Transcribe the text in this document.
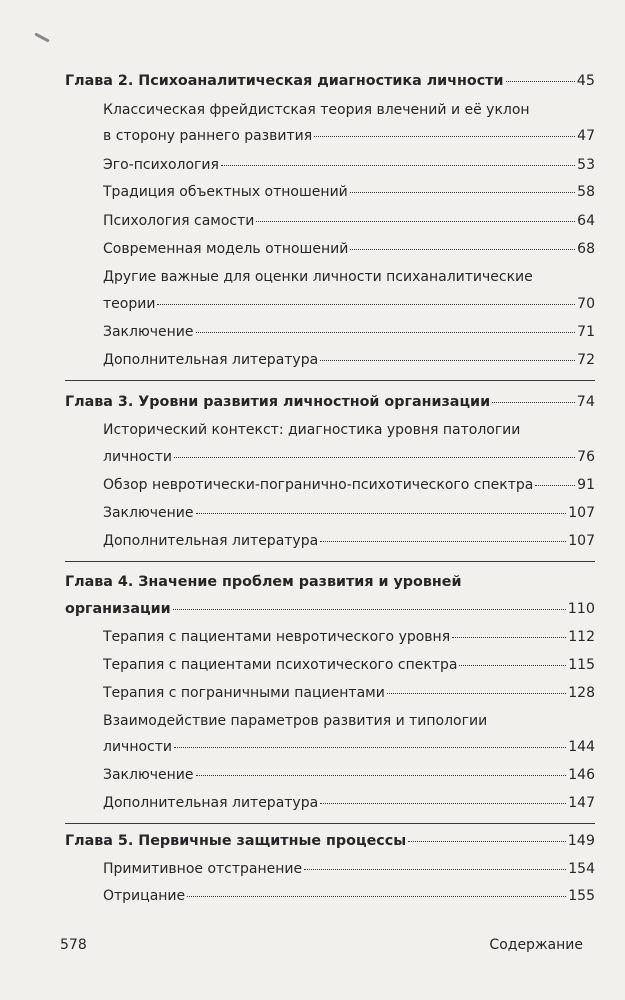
Глава 2. Психоаналитическая диагностика личности	45
Классическая фрейдистская теория влечений и её уклон
в сторону раннего развития	47
Эго-психология	53
Традиция объектных отношений	58
Психология самости	64
Современная модель отношений	68
Другие важные для оценки личности психаналитические
теории	70
Заключение	71
Дополнительная литература	72
Глава 3. Уровни развития личностной организации	74
Исторический контекст: диагностика уровня патологии
личности	76
Обзор невротически-погранично-психотического спектра	91
Заключение	107
Дополнительная литература	107
Глава 4. Значение проблем развития и уровней
организации	110
Терапия с пациентами невротического уровня	112
Терапия с пациентами психотического спектра	115
Терапия с пограничными пациентами	128
Взаимодействие параметров развития и типологии
личности	144
Заключение	146
Дополнительная литература	147
Глава 5. Первичные защитные процессы	149
Примитивное отстранение	154
Отрицание	155
578	Содержание
